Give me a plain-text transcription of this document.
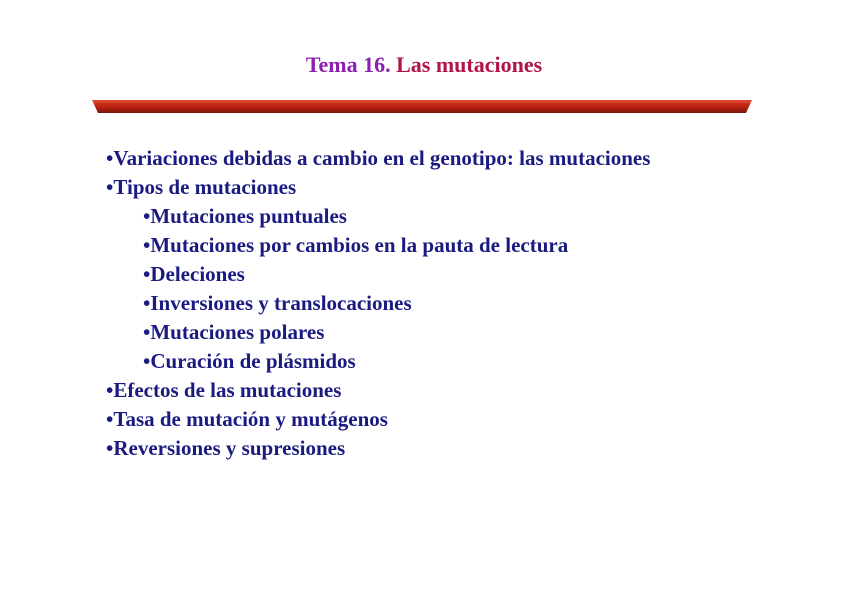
Tema 16. Las mutaciones
•Variaciones debidas a cambio en el genotipo: las mutaciones
•Tipos de mutaciones
•Mutaciones puntuales
•Mutaciones por cambios en la pauta de lectura
•Deleciones
•Inversiones y translocaciones
•Mutaciones polares
•Curación de plásmidos
•Efectos de las mutaciones
•Tasa de mutación y mutágenos
•Reversiones y supresiones
